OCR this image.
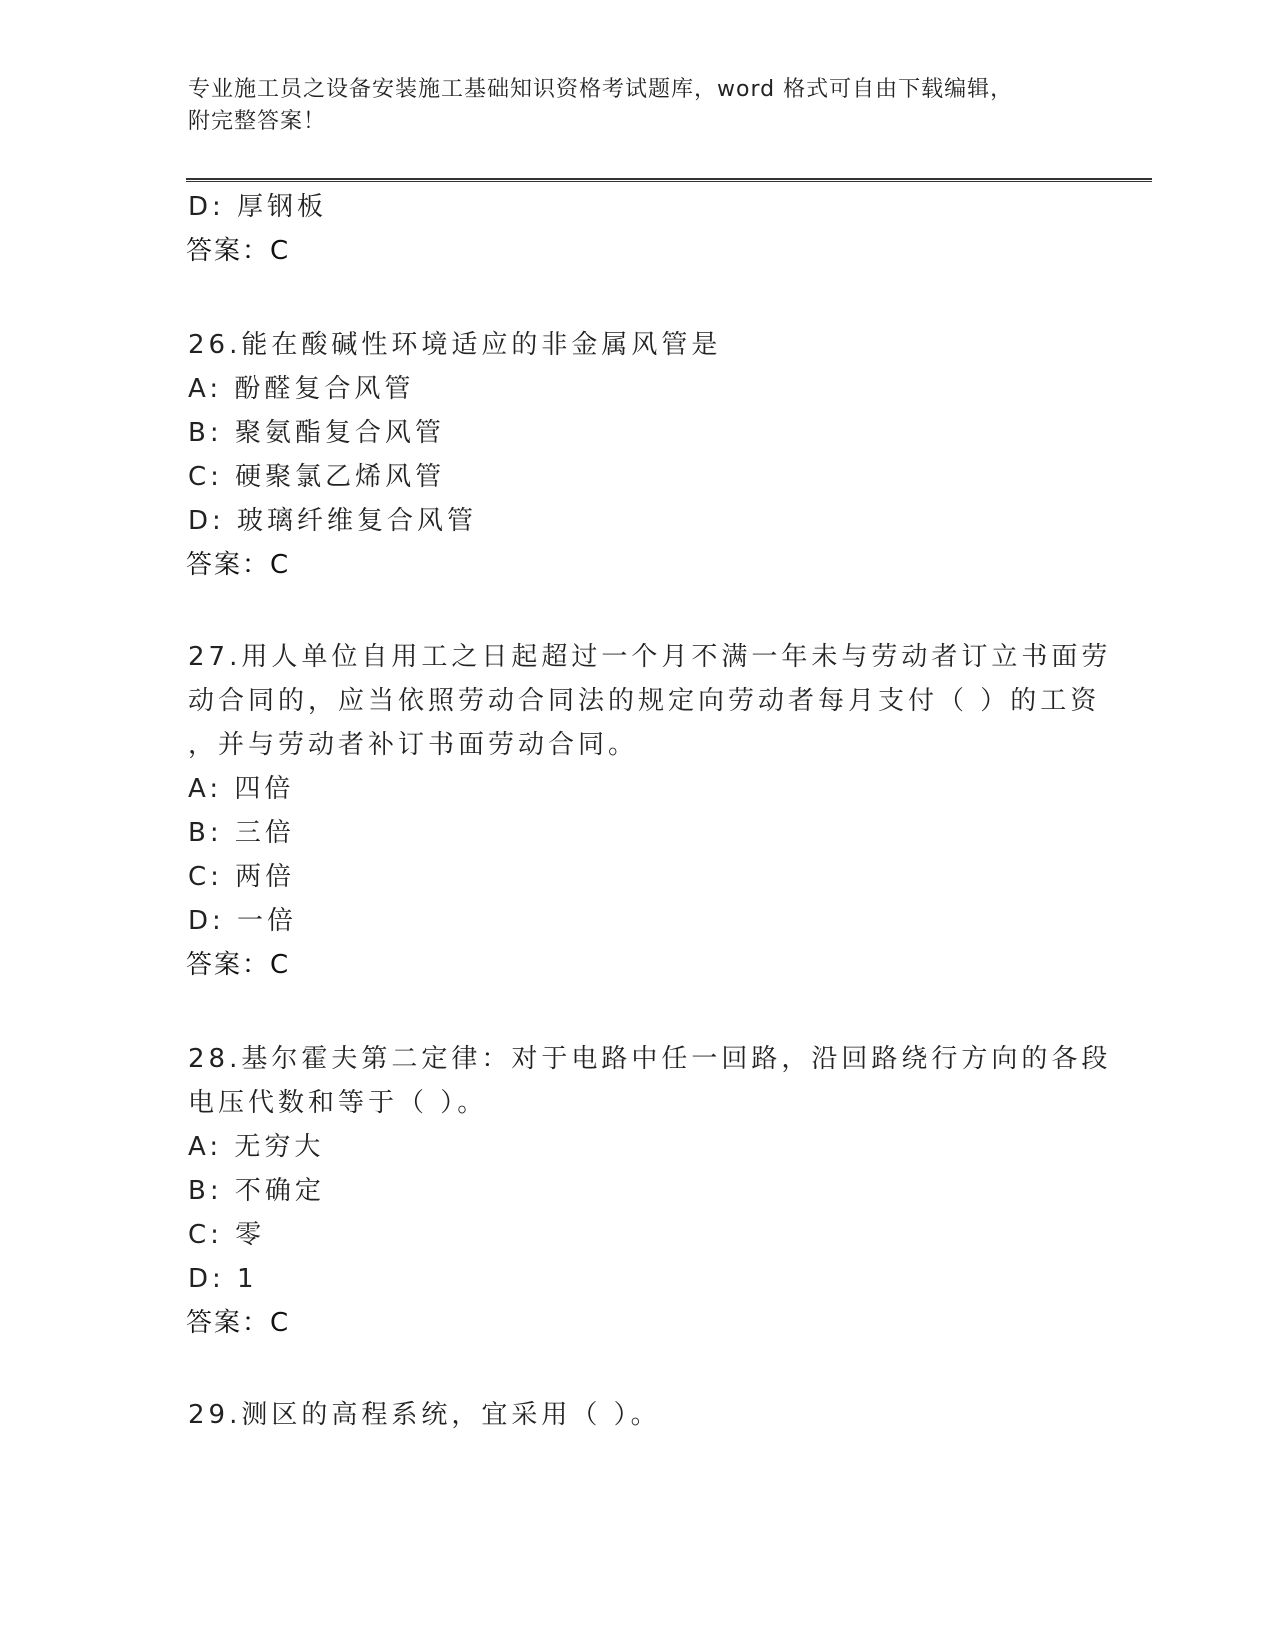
专业施工员之设备安装施工基础知识资格考试题库，word 格式可自由下载编辑，
附完整答案！
D: 厚钢板
答案：C
26.能在酸碱性环境适应的非金属风管是
A: 酚醛复合风管
B: 聚氨酯复合风管
C: 硬聚氯乙烯风管
D: 玻璃纤维复合风管
答案：C
27.用人单位自用工之日起超过一个月不满一年未与劳动者订立书面劳
动合同的，应当依照劳动合同法的规定向劳动者每月支付（ ）的工资
，并与劳动者补订书面劳动合同。
A: 四倍
B: 三倍
C: 两倍
D: 一倍
答案：C
28.基尔霍夫第二定律：对于电路中任一回路，沿回路绕行方向的各段
电压代数和等于（ ）。
A: 无穷大
B: 不确定
C: 零
D: 1
答案：C
29.测区的高程系统，宜采用（ ）。
